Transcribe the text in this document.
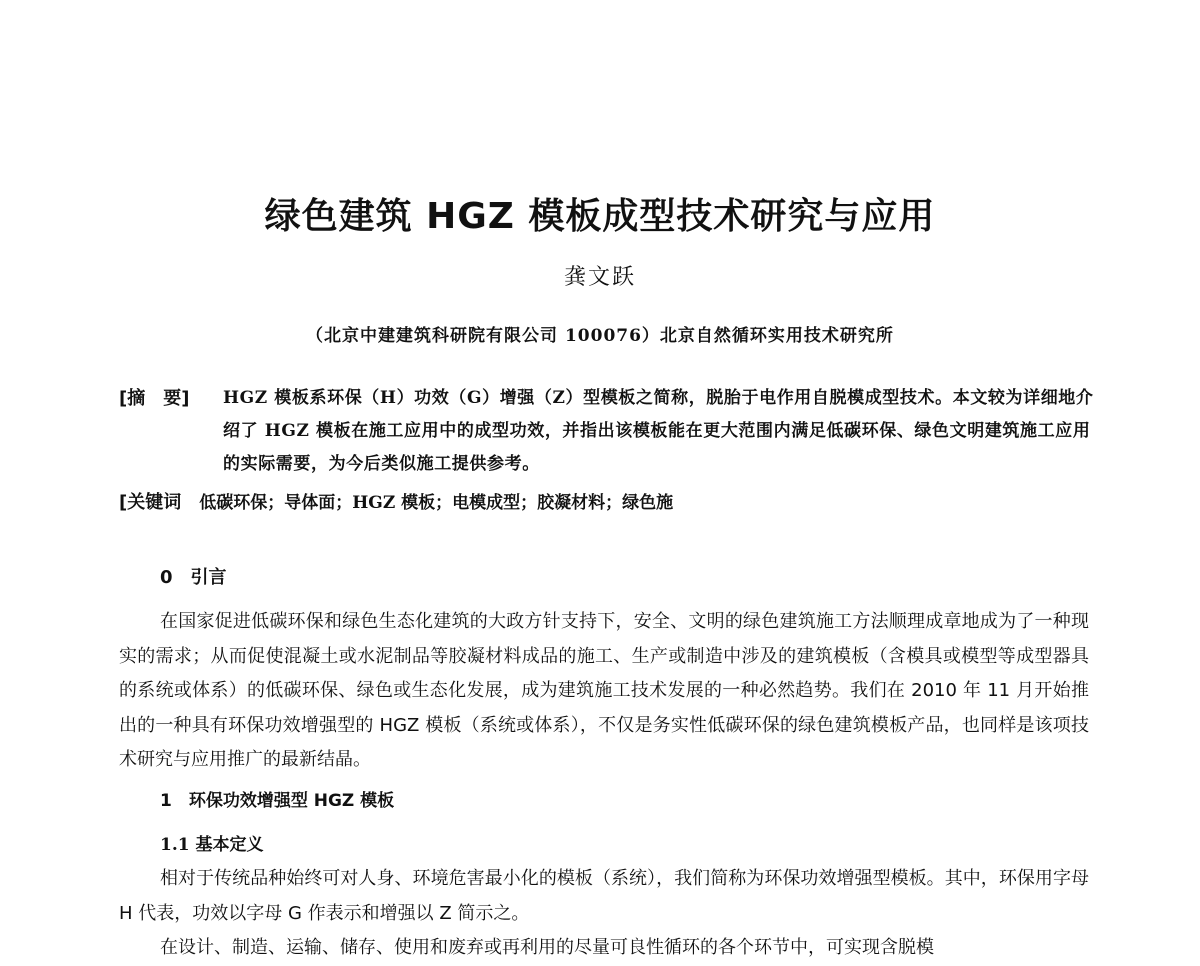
绿色建筑 HGZ 模板成型技术研究与应用

龚文跃

（北京中建建筑科研院有限公司 100076）北京自然循环实用技术研究所

[摘　要]	HGZ 模板系环保（H）功效（G）增强（Z）型模板之简称，脱胎于电作用自脱模成型技术。本文较为详细地介绍了 HGZ 模板在施工应用中的成型功效，并指出该模板能在更大范围内满足低碳环保、绿色文明建筑施工应用的实际需要，为今后类似施工提供参考。
[关键词 低碳环保；导体面；HGZ 模板；电模成型；胶凝材料；绿色施
0　引言

在国家促进低碳环保和绿色生态化建筑的大政方针支持下，安全、文明的绿色建筑施工方法顺理成章地成为了一种现实的需求；从而促使混凝土或水泥制品等胶凝材料成品的施工、生产或制造中涉及的建筑模板（含模具或模型等成型器具的系统或体系）的低碳环保、绿色或生态化发展，成为建筑施工技术发展的一种必然趋势。我们在 2010 年 11 月开始推出的一种具有环保功效增强型的 HGZ 模板（系统或体系），不仅是务实性低碳环保的绿色建筑模板产品，也同样是该项技术研究与应用推广的最新结晶。

1　环保功效增强型 HGZ 模板
1.1 基本定义

相对于传统品种始终可对人身、环境危害最小化的模板（系统），我们简称为环保功效增强型模板。其中，环保用字母 H 代表，功效以字母 G 作表示和增强以 Z 简示之。

在设计、制造、运输、储存、使用和废弃或再利用的尽量可良性循环的各个环节中，可实现含脱模
